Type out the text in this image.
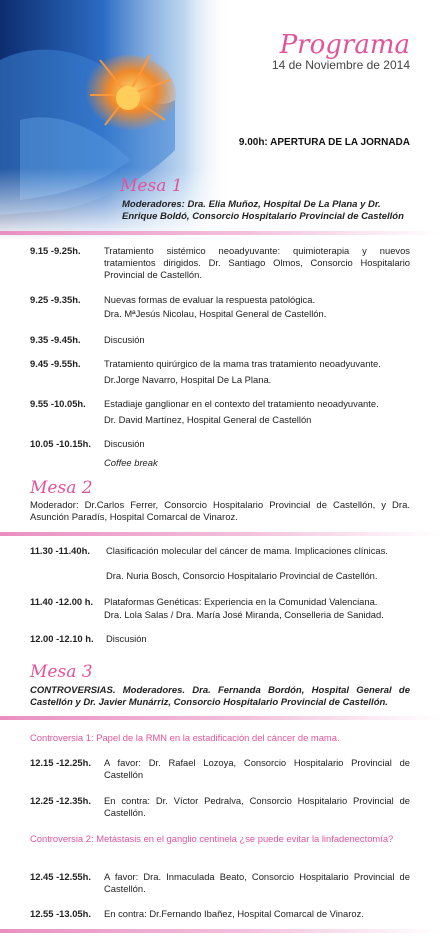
Programa
14 de Noviembre de 2014
9.00h: APERTURA DE LA JORNADA
Mesa 1
Moderadores: Dra. Elia Muñoz, Hospital De La Plana y Dr. Enrique Boldó, Consorcio Hospitalario Provincial de Castellón
9.15 -9.25h. Tratamiento sistémico neoadyuvante: quimioterapia y nuevos tratamientos dirigidos. Dr. Santiago Olmos, Consorcio Hospitalario Provincial de Castellón.
9.25 -9.35h. Nuevas formas de evaluar la respuesta patológica.
Dra. MªJesús Nicolau, Hospital General de Castellón.
9.35 -9.45h. Discusión
9.45 -9.55h. Tratamiento quirúrgico de la mama tras tratamiento neoadyuvante.
Dr.Jorge Navarro, Hospital De La Plana.
9.55 -10.05h. Estadiaje ganglionar en el contexto del tratamiento neoadyuvante.
Dr. David Martínez, Hospital General de Castellón
10.05 -10.15h. Discusión
Coffee break
Mesa 2
Moderador: Dr.Carlos Ferrer, Consorcio Hospitalario Provincial de Castellón, y Dra. Asunción Paradís, Hospital Comarcal de Vinaroz.
11.30 -11.40h. Clasificación molecular del cáncer de mama. Implicaciones clínicas.
Dra. Nuria Bosch, Consorcio Hospitalario Provincial de Castellón.
11.40 -12.00 h. Plataformas Genéticas: Experiencia en la Comunidad Valenciana.
Dra. Lola Salas / Dra. María José Miranda, Conselleria de Sanidad.
12.00 -12.10 h. Discusión
Mesa 3
CONTROVERSIAS. Moderadores. Dra. Fernanda Bordón, Hospital General de Castellón y Dr. Javier Munárriz, Consorcio Hospitalario Provincial de Castellón.
Controversia 1: Papel de la RMN en la estadificación del cáncer de mama.
12.15 -12.25h. A favor: Dr. Rafael Lozoya, Consorcio Hospitalario Provincial de Castellón
12.25 -12.35h. En contra: Dr. Víctor Pedralva, Consorcio Hospitalario Provincial de Castellón.
Controversia 2: Metástasis en el ganglio centinela ¿se puede evitar la linfadenectomía?
12.45 -12.55h. A favor: Dra. Inmaculada Beato, Consorcio Hospitalario Provincial de Castellón.
12.55 -13.05h. En contra: Dr.Fernando Ibañez, Hospital Comarcal de Vinaroz.
